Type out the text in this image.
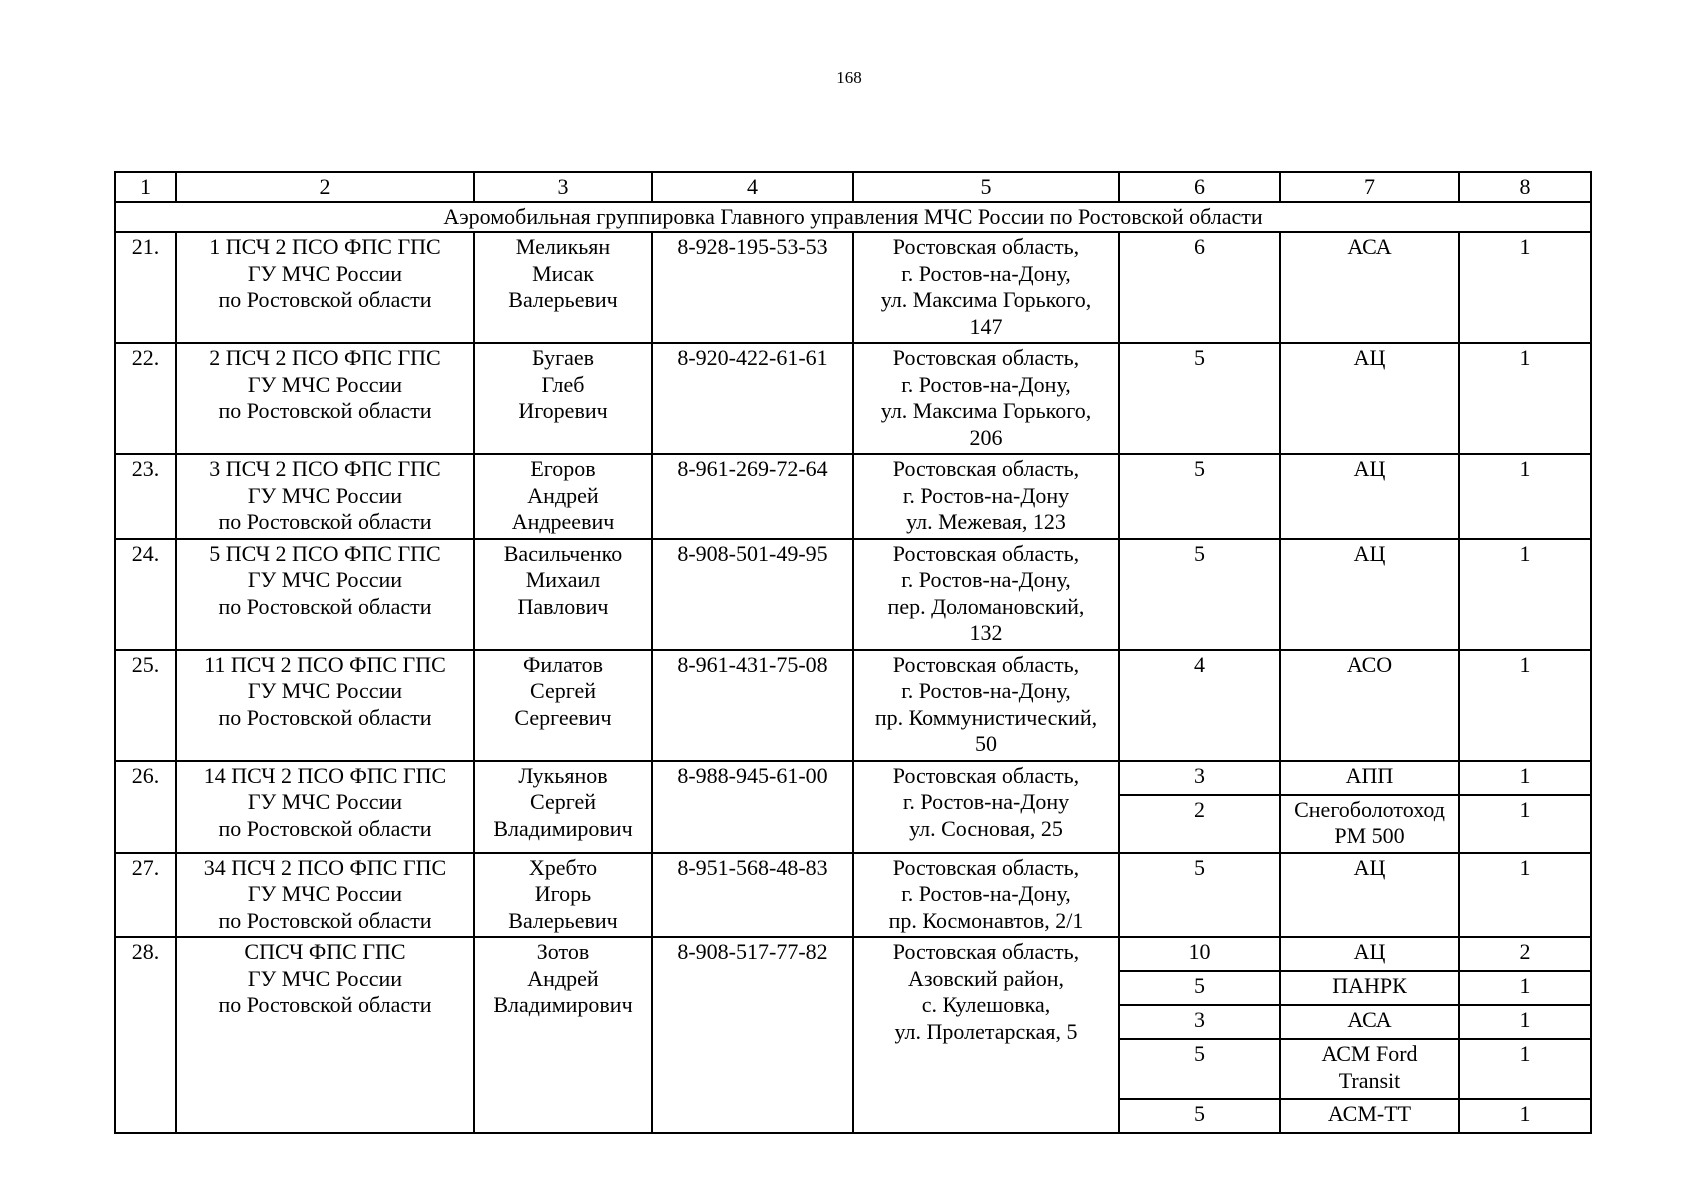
168
1	2	3	4	5	6	7	8
Аэромобильная группировка Главного управления МЧС России по Ростовской области							
21.	1 ПСЧ 2 ПСО ФПС ГПС
ГУ МЧС России
по Ростовской области	Меликьян
Мисак
Валерьевич	8-928-195-53-53	Ростовская область,
г. Ростов-на-Дону,
ул. Максима Горького,
147	6	АСА	1
22.	2 ПСЧ 2 ПСО ФПС ГПС
ГУ МЧС России
по Ростовской области	Бугаев
Глеб
Игоревич	8-920-422-61-61	Ростовская область,
г. Ростов-на-Дону,
ул. Максима Горького,
206	5	АЦ	1
23.	3 ПСЧ 2 ПСО ФПС ГПС
ГУ МЧС России
по Ростовской области	Егоров
Андрей
Андреевич	8-961-269-72-64	Ростовская область,
г. Ростов-на-Дону
ул. Межевая, 123	5	АЦ	1
24.	5 ПСЧ 2 ПСО ФПС ГПС
ГУ МЧС России
по Ростовской области	Васильченко
Михаил
Павлович	8-908-501-49-95	Ростовская область,
г. Ростов-на-Дону,
пер. Доломановский,
132	5	АЦ	1
25.	11 ПСЧ 2 ПСО ФПС ГПС
ГУ МЧС России
по Ростовской области	Филатов
Сергей
Сергеевич	8-961-431-75-08	Ростовская область,
г. Ростов-на-Дону,
пр. Коммунистический,
50	4	АСО	1
26.	14 ПСЧ 2 ПСО ФПС ГПС
ГУ МЧС России
по Ростовской области	Лукьянов
Сергей
Владимирович	8-988-945-61-00	Ростовская область,
г. Ростов-на-Дону
ул. Сосновая, 25	3	АПП	1
					2	Снегоболотоход
РМ 500	1
27.	34 ПСЧ 2 ПСО ФПС ГПС
ГУ МЧС России
по Ростовской области	Хребто
Игорь
Валерьевич	8-951-568-48-83	Ростовская область,
г. Ростов-на-Дону,
пр. Космонавтов, 2/1	5	АЦ	1
28.	СПСЧ ФПС ГПС
ГУ МЧС России
по Ростовской области	Зотов
Андрей
Владимирович	8-908-517-77-82	Ростовская область,
Азовский район,
с. Кулешовка,
ул. Пролетарская, 5	10	АЦ	2
					5	ПАНРК	1
					3	АСА	1
					5	АСМ Ford
Transit	1
					5	АСМ-ТТ	1
